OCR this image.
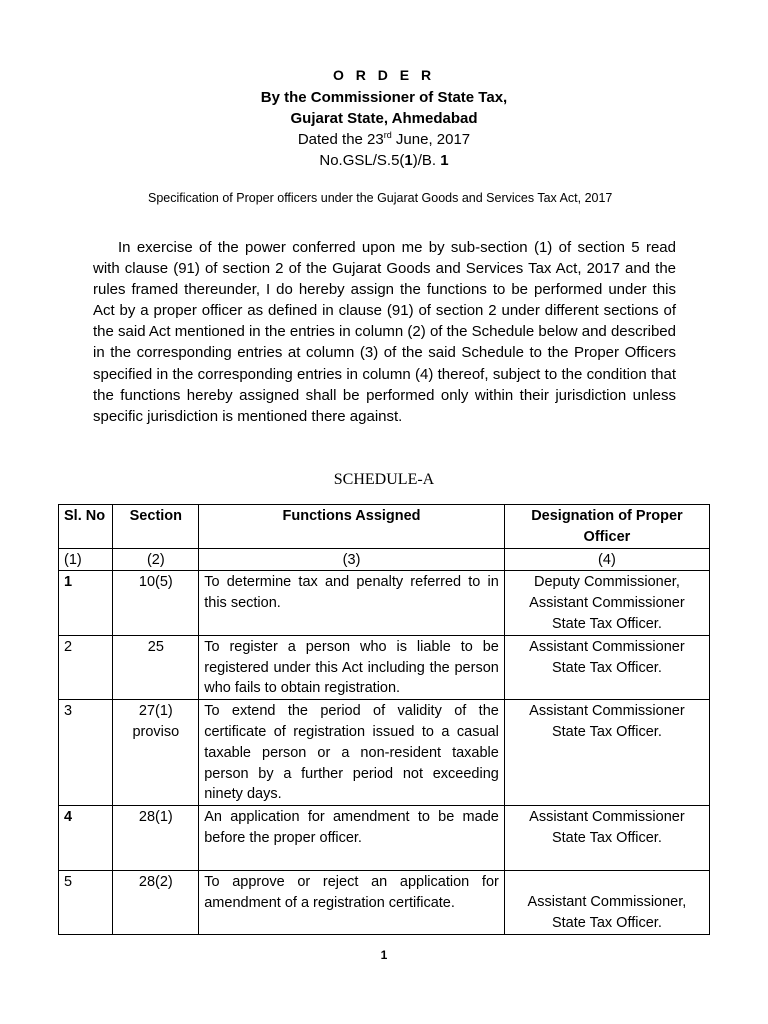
O R D E R
By the Commissioner of State Tax,
Gujarat State, Ahmedabad
Dated the 23rd June, 2017
No.GSL/S.5(1)/B. 1
Specification of Proper officers under the Gujarat Goods and Services Tax Act, 2017

In exercise of the power conferred upon me by sub-section (1) of section 5 read with clause (91) of section 2 of the Gujarat Goods and Services Tax Act, 2017 and the rules framed thereunder, I do hereby assign the functions to be performed under this Act by a proper officer as defined in clause (91) of section 2 under different sections of the said Act mentioned in the entries in column (2) of the Schedule below and described in the corresponding entries at column (3) of the said Schedule to the Proper Officers specified in the corresponding entries in column (4) thereof, subject to the condition that the functions hereby assigned shall be performed only within their jurisdiction unless specific jurisdiction is mentioned there against.

SCHEDULE-A
Sl. No	Section	Functions Assigned	Designation of Proper Officer
(1)	(2)	(3)	(4)
1	10(5)	To determine tax and penalty referred to in this section.	Deputy Commissioner,
Assistant Commissioner
State Tax Officer.

2	25	To register a person who is liable to be registered under this Act including the person who fails to obtain registration.	Assistant Commissioner
State Tax Officer.

3	27(1)
proviso	To extend the period of validity of the certificate of registration issued to a casual taxable person or a non-resident taxable person by a further period not exceeding ninety days.	Assistant Commissioner
State Tax Officer.

4	28(1)	An application for amendment to be made before the proper officer.	Assistant Commissioner
State Tax Officer.

5	28(2)	To approve or reject an application for amendment of a registration certificate.	Assistant Commissioner,
State Tax Officer.
1
